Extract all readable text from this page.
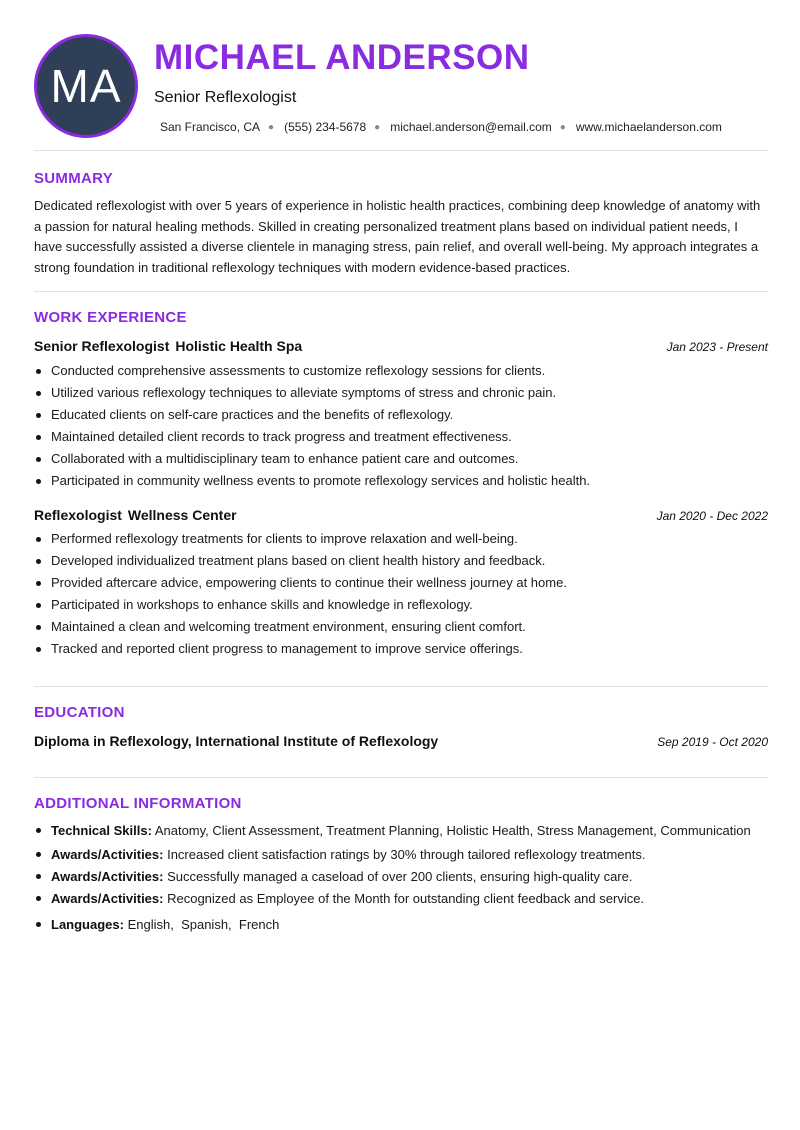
MA
MICHAEL ANDERSON
Senior Reflexologist
San Francisco, CA ● (555) 234-5678 ● michael.anderson@email.com ● www.michaelanderson.com
SUMMARY

Dedicated reflexologist with over 5 years of experience in holistic health practices, combining deep knowledge of anatomy with a passion for natural healing methods. Skilled in creating personalized treatment plans based on individual patient needs, I have successfully assisted a diverse clientele in managing stress, pain relief, and overall well-being. My approach integrates a strong foundation in traditional reflexology techniques with modern evidence-based practices.

WORK EXPERIENCE
Senior Reflexologist Holistic Health Spa	Jan 2023 - Present
Conducted comprehensive assessments to customize reflexology sessions for clients.
Utilized various reflexology techniques to alleviate symptoms of stress and chronic pain.
Educated clients on self-care practices and the benefits of reflexology.
Maintained detailed client records to track progress and treatment effectiveness.
Collaborated with a multidisciplinary team to enhance patient care and outcomes.
Participated in community wellness events to promote reflexology services and holistic health.
Reflexologist Wellness Center	Jan 2020 - Dec 2022
Performed reflexology treatments for clients to improve relaxation and well-being.
Developed individualized treatment plans based on client health history and feedback.
Provided aftercare advice, empowering clients to continue their wellness journey at home.
Participated in workshops to enhance skills and knowledge in reflexology.
Maintained a clean and welcoming treatment environment, ensuring client comfort.
Tracked and reported client progress to management to improve service offerings.
EDUCATION
Diploma in Reflexology, International Institute of Reflexology	Sep 2019 - Oct 2020
ADDITIONAL INFORMATION
Technical Skills: Anatomy, Client Assessment, Treatment Planning, Holistic Health, Stress Management, Communication
Awards/Activities: Increased client satisfaction ratings by 30% through tailored reflexology treatments.
Awards/Activities: Successfully managed a caseload of over 200 clients, ensuring high-quality care.
Awards/Activities: Recognized as Employee of the Month for outstanding client feedback and service.
Languages: English,  Spanish,  French
